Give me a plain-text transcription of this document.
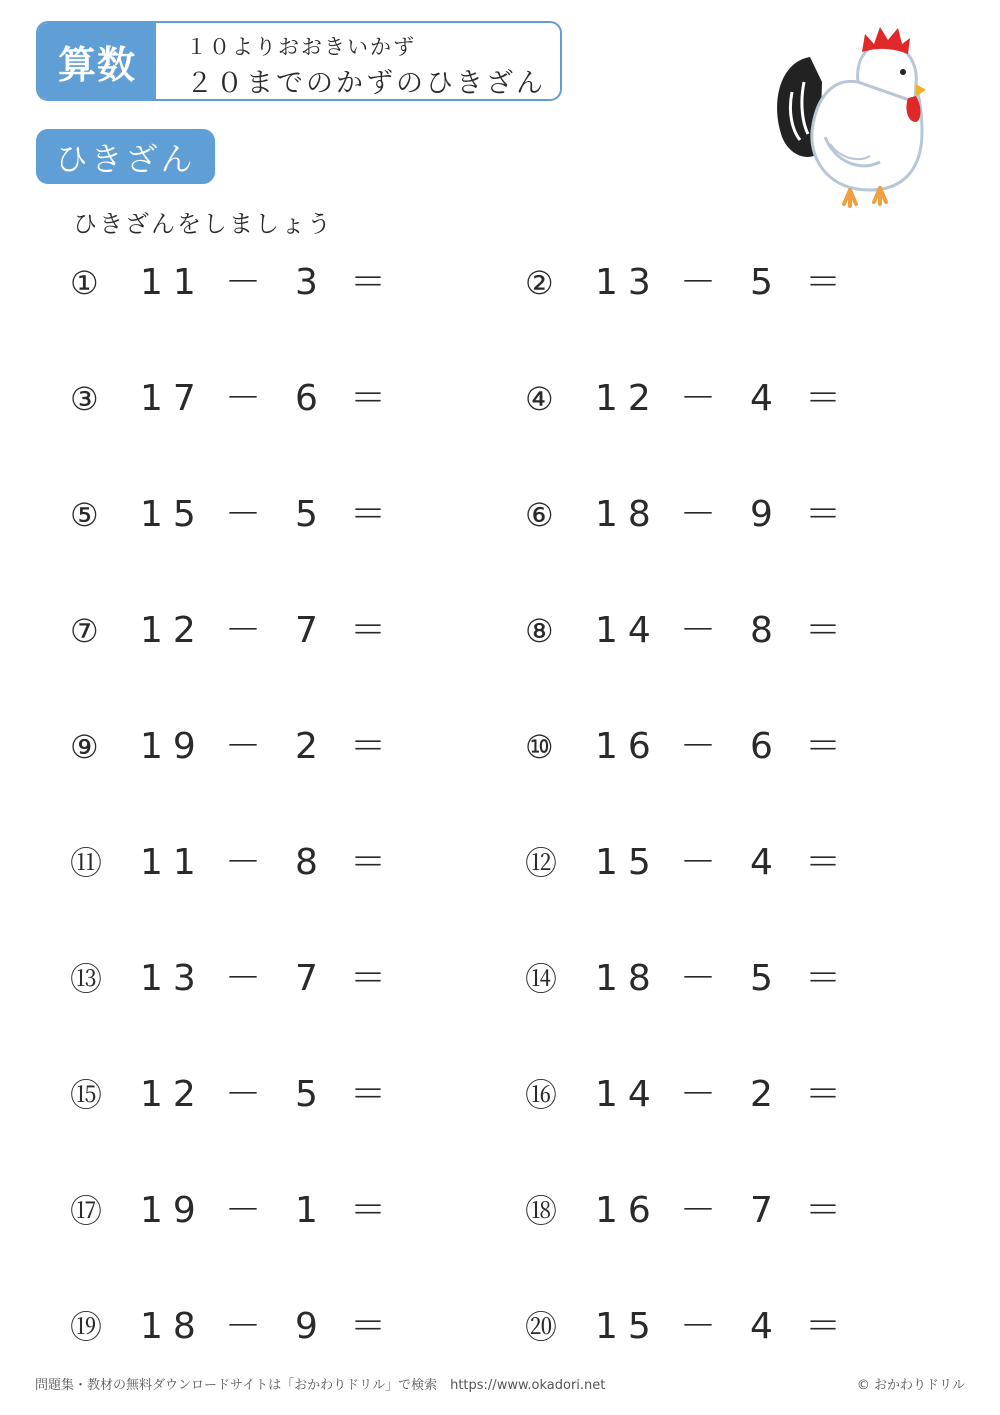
算数	１０よりおおきいかず
２０までのかずのひきざん
ひきざん
ひきざんをしましょう
① 11 － 3 ＝	② 13 － 5 ＝
③ 17 － 6 ＝	④ 12 － 4 ＝
⑤ 15 － 5 ＝	⑥ 18 － 9 ＝
⑦ 12 － 7 ＝	⑧ 14 － 8 ＝
⑨ 19 － 2 ＝	⑩ 16 － 6 ＝
⑪ 11 － 8 ＝	⑫ 15 － 4 ＝
⑬ 13 － 7 ＝	⑭ 18 － 5 ＝
⑮ 12 － 5 ＝	⑯ 14 － 2 ＝
⑰ 19 － 1 ＝	⑱ 16 － 7 ＝
⑲ 18 － 9 ＝	⑳ 15 － 4 ＝
問題集・教材の無料ダウンロードサイトは「おかわりドリル」で検索　https://www.okadori.net	© おかわりドリル
